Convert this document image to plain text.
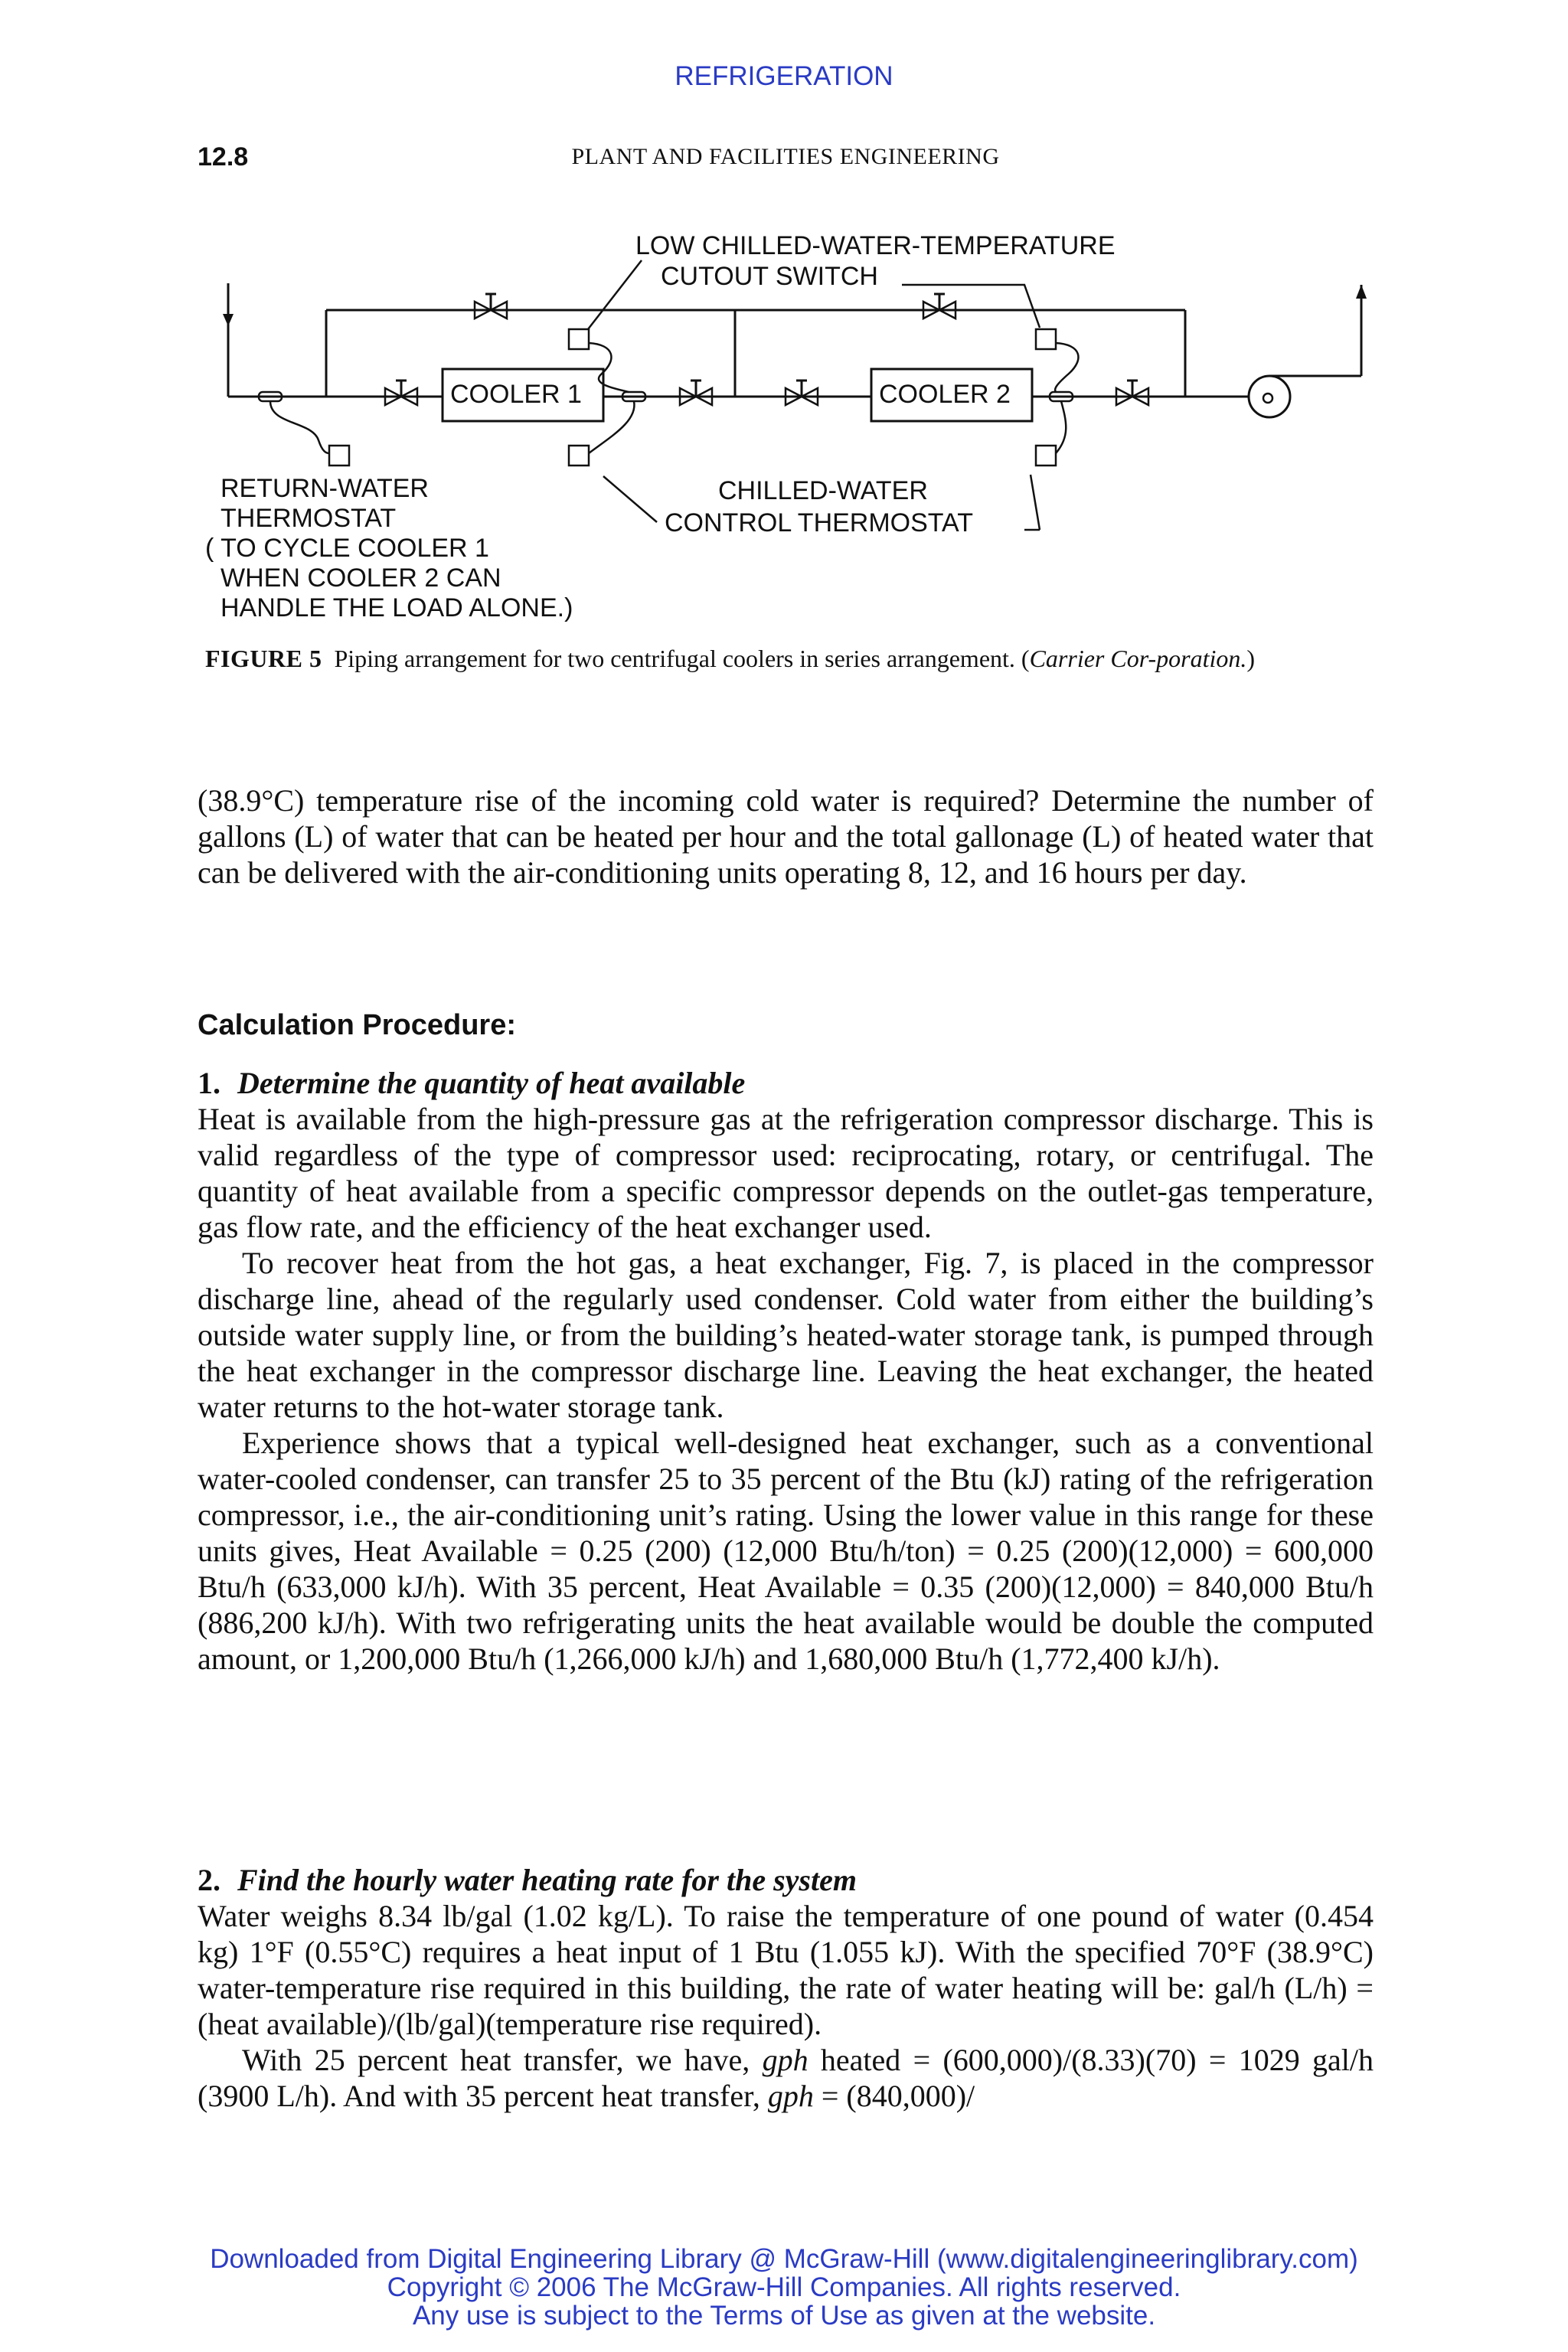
REFRIGERATION
12.8	PLANT AND FACILITIES ENGINEERING
LOW CHILLED-WATER-TEMPERATURE
CUTOUT SWITCH
COOLER 1	COOLER 2
RETURN-WATER
THERMOSTAT
( TO CYCLE COOLER 1
WHEN COOLER 2 CAN
HANDLE THE LOAD ALONE.)
CHILLED-WATER
CONTROL THERMOSTAT
FIGURE 5 Piping arrangement for two centrifugal coolers in series arrangement. (Carrier Cor-poration.)

(38.9°C) temperature rise of the incoming cold water is required? Determine the number of gallons (L) of water that can be heated per hour and the total gallonage (L) of heated water that can be delivered with the air-conditioning units operating 8, 12, and 16 hours per day.

Calculation Procedure:
1. Determine the quantity of heat available

Heat is available from the high-pressure gas at the refrigeration compressor discharge. This is valid regardless of the type of compressor used: reciprocating, rotary, or centrifugal. The quantity of heat available from a specific compressor depends on the outlet-gas temperature, gas flow rate, and the efficiency of the heat exchanger used.

To recover heat from the hot gas, a heat exchanger, Fig. 7, is placed in the compressor discharge line, ahead of the regularly used condenser. Cold water from either the building’s outside water supply line, or from the building’s heated-water storage tank, is pumped through the heat exchanger in the compressor discharge line. Leaving the heat exchanger, the heated water returns to the hot-water storage tank.

Experience shows that a typical well-designed heat exchanger, such as a conventional water-cooled condenser, can transfer 25 to 35 percent of the Btu (kJ) rating of the refrigeration compressor, i.e., the air-conditioning unit’s rating. Using the lower value in this range for these units gives, Heat Available = 0.25 (200) (12,000 Btu/h/ton) = 0.25 (200)(12,000) = 600,000 Btu/h (633,000 kJ/h). With 35 percent, Heat Available = 0.35 (200)(12,000) = 840,000 Btu/h (886,200 kJ/h). With two refrigerating units the heat available would be double the computed amount, or 1,200,000 Btu/h (1,266,000 kJ/h) and 1,680,000 Btu/h (1,772,400 kJ/h).

2. Find the hourly water heating rate for the system

Water weighs 8.34 lb/gal (1.02 kg/L). To raise the temperature of one pound of water (0.454 kg) 1°F (0.55°C) requires a heat input of 1 Btu (1.055 kJ). With the specified 70°F (38.9°C) water-temperature rise required in this building, the rate of water heating will be: gal/h (L/h) = (heat available)/(lb/gal)(temperature rise required).

With 25 percent heat transfer, we have, gph heated = (600,000)/(8.33)(70) = 1029 gal/h (3900 L/h). And with 35 percent heat transfer, gph = (840,000)/

Downloaded from Digital Engineering Library @ McGraw-Hill (www.digitalengineeringlibrary.com)
Copyright © 2006 The McGraw-Hill Companies. All rights reserved.
Any use is subject to the Terms of Use as given at the website.
